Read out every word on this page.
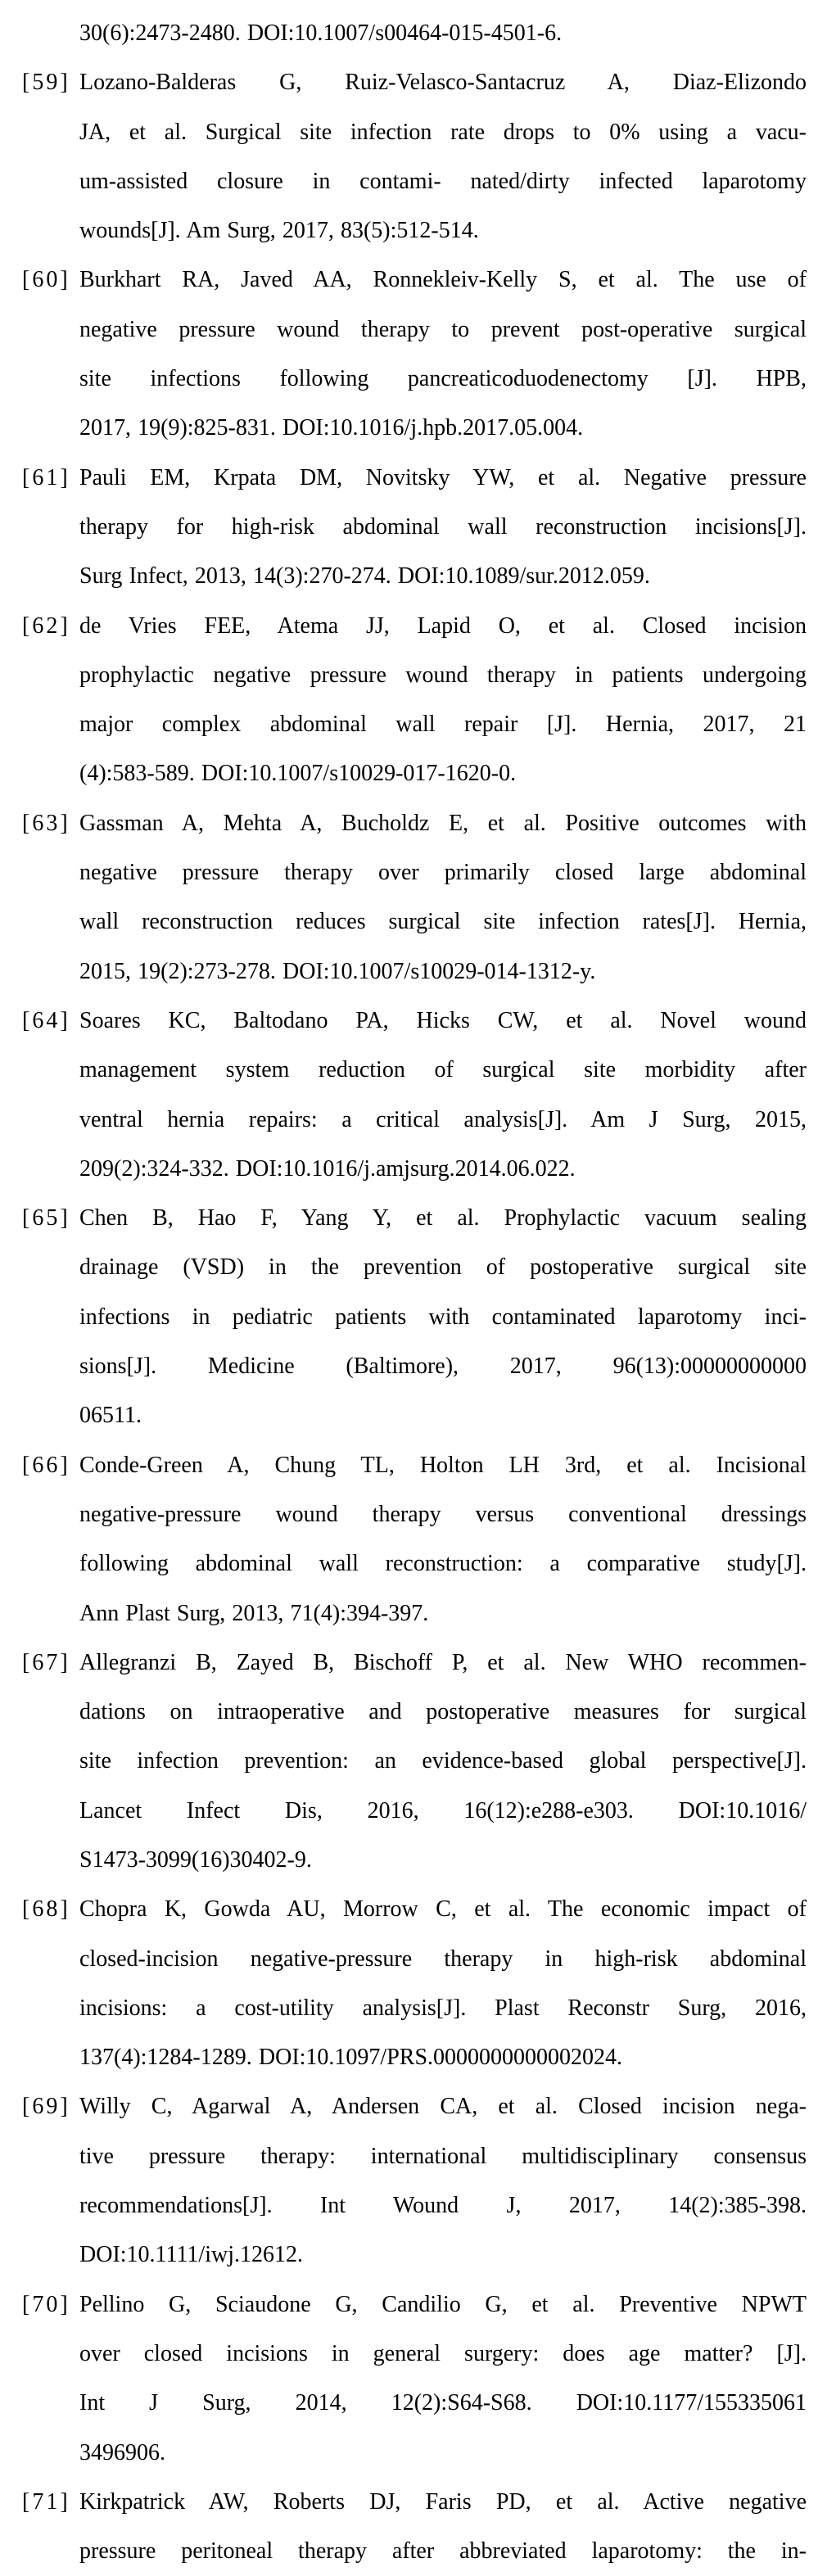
30(6):2473-2480. DOI:10.1007/s00464-015-4501-6.
[59] Lozano-Balderas G, Ruiz-Velasco-Santacruz A, Diaz-Elizondo
JA, et al. Surgical site infection rate drops to 0% using a vacu-
um-assisted closure in contami- nated/dirty infected laparotomy
wounds[J]. Am Surg, 2017, 83(5):512-514.
[60] Burkhart RA, Javed AA, Ronnekleiv-Kelly S, et al. The use of
negative pressure wound therapy to prevent post-operative surgical
site infections following pancreaticoduodenectomy [J]. HPB,
2017, 19(9):825-831. DOI:10.1016/j.hpb.2017.05.004.
[61] Pauli EM, Krpata DM, Novitsky YW, et al. Negative pressure
therapy for high-risk abdominal wall reconstruction incisions[J].
Surg Infect, 2013, 14(3):270-274. DOI:10.1089/sur.2012.059.
[62] de Vries FEE, Atema JJ, Lapid O, et al. Closed incision
prophylactic negative pressure wound therapy in patients undergoing
major complex abdominal wall repair [J]. Hernia, 2017, 21
(4):583-589. DOI:10.1007/s10029-017-1620-0.
[63] Gassman A, Mehta A, Bucholdz E, et al. Positive outcomes with
negative pressure therapy over primarily closed large abdominal
wall reconstruction reduces surgical site infection rates[J]. Hernia,
2015, 19(2):273-278. DOI:10.1007/s10029-014-1312-y.
[64] Soares KC, Baltodano PA, Hicks CW, et al. Novel wound
management system reduction of surgical site morbidity after
ventral hernia repairs: a critical analysis[J]. Am J Surg, 2015,
209(2):324-332. DOI:10.1016/j.amjsurg.2014.06.022.
[65] Chen B, Hao F, Yang Y, et al. Prophylactic vacuum sealing
drainage (VSD) in the prevention of postoperative surgical site
infections in pediatric patients with contaminated laparotomy inci-
sions[J]. Medicine (Baltimore), 2017, 96(13):00000000000
06511.
[66] Conde-Green A, Chung TL, Holton LH 3rd, et al. Incisional
negative-pressure wound therapy versus conventional dressings
following abdominal wall reconstruction: a comparative study[J].
Ann Plast Surg, 2013, 71(4):394-397.
[67] Allegranzi B, Zayed B, Bischoff P, et al. New WHO recommen-
dations on intraoperative and postoperative measures for surgical
site infection prevention: an evidence-based global perspective[J].
Lancet Infect Dis, 2016, 16(12):e288-e303. DOI:10.1016/
S1473-3099(16)30402-9.
[68] Chopra K, Gowda AU, Morrow C, et al. The economic impact of
closed-incision negative-pressure therapy in high-risk abdominal
incisions: a cost-utility analysis[J]. Plast Reconstr Surg, 2016,
137(4):1284-1289. DOI:10.1097/PRS.0000000000002024.
[69] Willy C, Agarwal A, Andersen CA, et al. Closed incision nega-
tive pressure therapy: international multidisciplinary consensus
recommendations[J]. Int Wound J, 2017, 14(2):385-398.
DOI:10.1111/iwj.12612.
[70] Pellino G, Sciaudone G, Candilio G, et al. Preventive NPWT
over closed incisions in general surgery: does age matter? [J].
Int J Surg, 2014, 12(2):S64-S68. DOI:10.1177/155335061
3496906.
[71] Kirkpatrick AW, Roberts DJ, Faris PD, et al. Active negative
pressure peritoneal therapy after abbreviated laparotomy: the in-
